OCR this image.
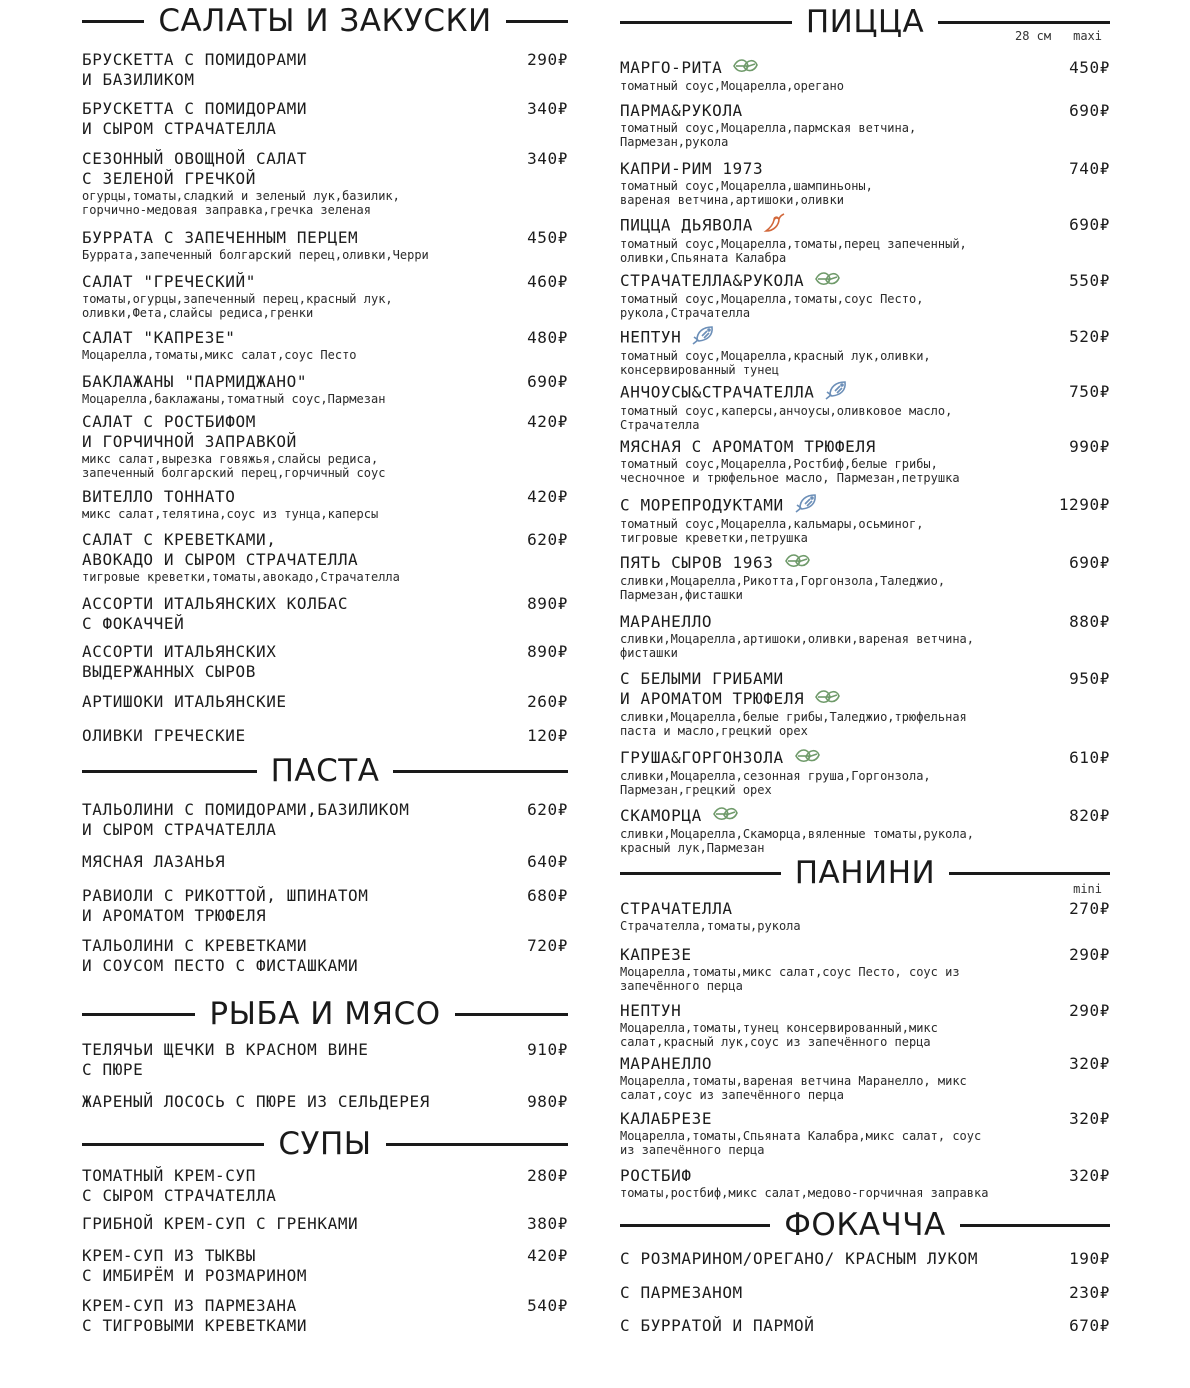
САЛАТЫ И ЗАКУСКИ
БРУСКЕТТА С ПОМИДОРАМИ
И БАЗИЛИКОМ
290₽
БРУСКЕТТА С ПОМИДОРАМИ
И СЫРОМ СТРАЧАТЕЛЛА
340₽
СЕЗОННЫЙ ОВОЩНОЙ САЛАТ
С ЗЕЛЕНОЙ ГРЕЧКОЙ
огурцы,томаты,сладкий и зеленый лук,базилик,
горчично-медовая заправка,гречка зеленая
340₽
БУРРАТА С ЗАПЕЧЕННЫМ ПЕРЦЕМ
Буррата,запеченный болгарский перец,оливки,Черри
450₽
САЛАТ "ГРЕЧЕСКИЙ"
томаты,огурцы,запеченный перец,красный лук,
оливки,Фета,слайсы редиса,гренки
460₽
САЛАТ "КАПРЕЗЕ"
Моцарелла,томаты,микс салат,соус Песто
480₽
БАКЛАЖАНЫ "ПАРМИДЖАНО"
Моцарелла,баклажаны,томатный соус,Пармезан
690₽
САЛАТ С РОСТБИФОМ
И ГОРЧИЧНОЙ ЗАПРАВКОЙ
микс салат,вырезка говяжья,слайсы редиса,
запеченный болгарский перец,горчичный соус
420₽
ВИТЕЛЛО ТОННАТО
микс салат,телятина,соус из тунца,каперсы
420₽
САЛАТ С КРЕВЕТКАМИ,
АВОКАДО И СЫРОМ СТРАЧАТЕЛЛА
тигровые креветки,томаты,авокадо,Страчателла
620₽
АССОРТИ ИТАЛЬЯНСКИХ КОЛБАС
С ФОКАЧЧЕЙ
890₽
АССОРТИ ИТАЛЬЯНСКИХ
ВЫДЕРЖАННЫХ СЫРОВ
890₽
АРТИШОКИ ИТАЛЬЯНСКИЕ	260₽
ОЛИВКИ ГРЕЧЕСКИЕ	120₽
ПАСТА
ТАЛЬОЛИНИ С ПОМИДОРАМИ,БАЗИЛИКОМ
И СЫРОМ СТРАЧАТЕЛЛА
620₽
МЯСНАЯ ЛАЗАНЬЯ	640₽
РАВИОЛИ С РИКОТТОЙ, ШПИНАТОМ
И АРОМАТОМ ТРЮФЕЛЯ
680₽
ТАЛЬОЛИНИ С КРЕВЕТКАМИ
И СОУСОМ ПЕСТО С ФИСТАШКАМИ
720₽
РЫБА И МЯСО
ТЕЛЯЧЬИ ЩЕЧКИ В КРАСНОМ ВИНЕ
С ПЮРЕ
910₽
ЖАРЕНЫЙ ЛОСОСЬ С ПЮРЕ ИЗ СЕЛЬДЕРЕЯ	980₽
СУПЫ
ТОМАТНЫЙ КРЕМ-СУП
С СЫРОМ СТРАЧАТЕЛЛА
280₽
ГРИБНОЙ КРЕМ-СУП С ГРЕНКАМИ	380₽
КРЕМ-СУП ИЗ ТЫКВЫ
С ИМБИРЁМ И РОЗМАРИНОМ
420₽
КРЕМ-СУП ИЗ ПАРМЕЗАНА
С ТИГРОВЫМИ КРЕВЕТКАМИ
540₽
ПИЦЦА	28 см maxi
МАРГО-РИТА
томатный соус,Моцарелла,орегано
450₽
ПАРМА&РУКОЛА
томатный соус,Моцарелла,пармская ветчина,
Пармезан,рукола
690₽
КАПРИ-РИМ 1973
томатный соус,Моцарелла,шампиньоны,
вареная ветчина,артишоки,оливки
740₽
ПИЦЦА ДЬЯВОЛА
томатный соус,Моцарелла,томаты,перец запеченный,
оливки,Спьяната Калабра
690₽
СТРАЧАТЕЛЛА&РУКОЛА
томатный соус,Моцарелла,томаты,соус Песто,
рукола,Страчателла
550₽
НЕПТУН
томатный соус,Моцарелла,красный лук,оливки,
консервированный тунец
520₽
АНЧОУСЫ&СТРАЧАТЕЛЛА
томатный соус,каперсы,анчоусы,оливковое масло,
Страчателла
750₽
МЯСНАЯ С АРОМАТОМ ТРЮФЕЛЯ
томатный соус,Моцарелла,Ростбиф,белые грибы,
чесночное и трюфельное масло, Пармезан,петрушка
990₽
С МОРЕПРОДУКТАМИ
томатный соус,Моцарелла,кальмары,осьминог,
тигровые креветки,петрушка
1290₽
ПЯТЬ СЫРОВ 1963
сливки,Моцарелла,Рикотта,Горгонзола,Таледжио,
Пармезан,фисташки
690₽
МАРАНЕЛЛО
сливки,Моцарелла,артишоки,оливки,вареная ветчина,
фисташки
880₽
С БЕЛЫМИ ГРИБАМИ
И АРОМАТОМ ТРЮФЕЛЯ
сливки,Моцарелла,белые грибы,Таледжио,трюфельная
паста и масло,грецкий орех
950₽
ГРУША&ГОРГОНЗОЛА
сливки,Моцарелла,сезонная груша,Горгонзола,
Пармезан,грецкий орех
610₽
СКАМОРЦА
сливки,Моцарелла,Скаморца,вяленные томаты,рукола,
красный лук,Пармезан
820₽
ПАНИНИ	mini
СТРАЧАТЕЛЛА
Страчателла,томаты,рукола
270₽
КАПРЕЗЕ
Моцарелла,томаты,микс салат,соус Песто, соус из
запечённого перца
290₽
НЕПТУН
Моцарелла,томаты,тунец консервированный,микс
салат,красный лук,соус из запечённого перца
290₽
МАРАНЕЛЛО
Моцарелла,томаты,вареная ветчина Маранелло, микс
салат,соус из запечённого перца
320₽
КАЛАБРЕЗЕ
Моцарелла,томаты,Спьяната Калабра,микс салат, соус
из запечённого перца
320₽
РОСТБИФ
томаты,ростбиф,микс салат,медово-горчичная заправка
320₽
ФОКАЧЧА
С РОЗМАРИНОМ/ОРЕГАНО/ КРАСНЫМ ЛУКОМ	190₽
С ПАРМЕЗАНОМ	230₽
С БУРРАТОЙ И ПАРМОЙ	670₽
